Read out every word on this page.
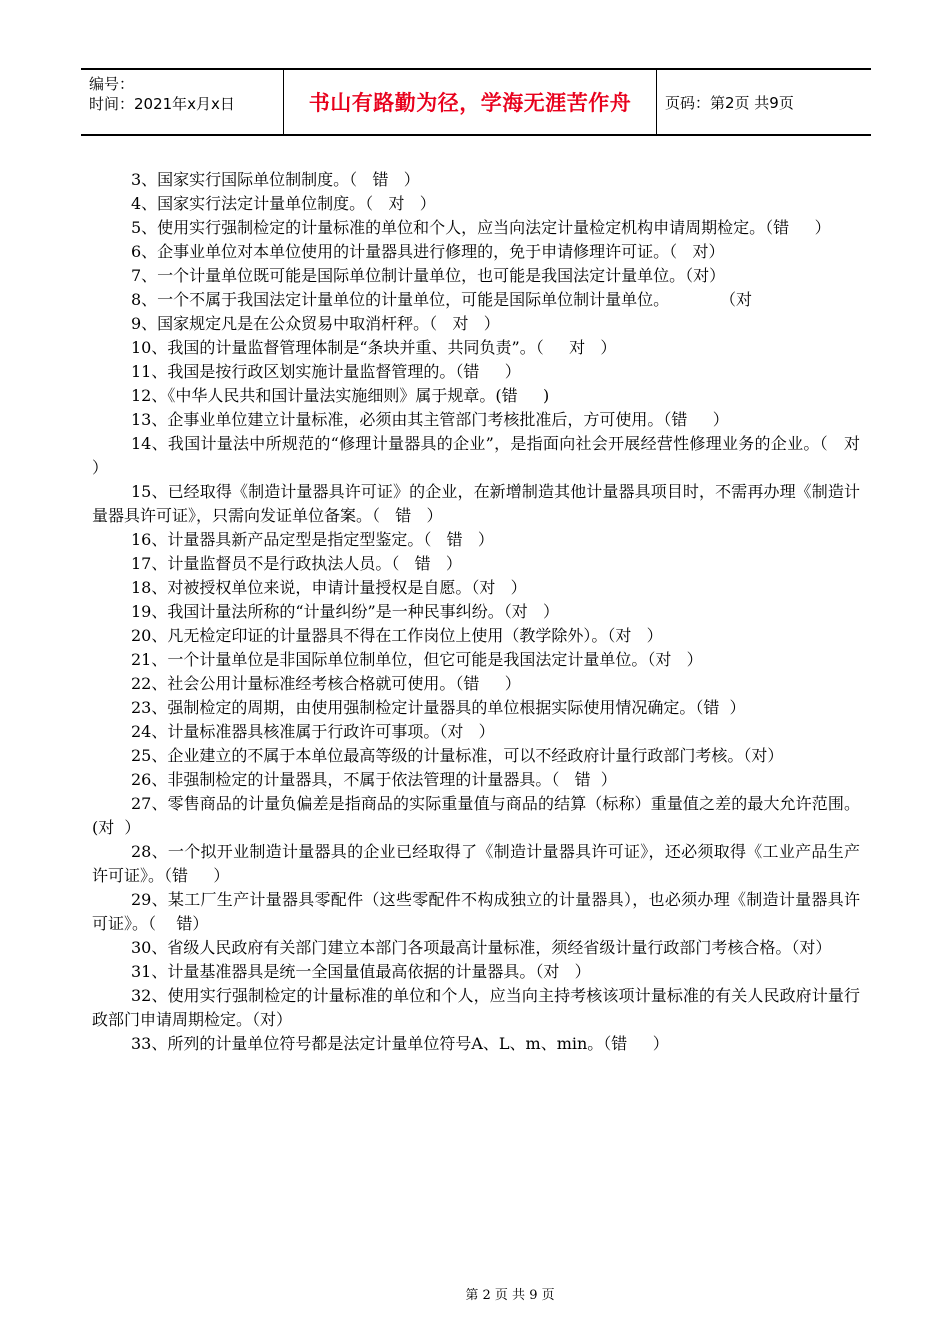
编号：
时间：2021年x月x日	书山有路勤为径，学海无涯苦作舟	页码：第2页 共9页

3、国家实行国际单位制制度。（   错   ）

4、国家实行法定计量单位制度。（   对   ）

5、使用实行强制检定的计量标准的单位和个人，应当向法定计量检定机构申请周期检定。（错     ）

6、企事业单位对本单位使用的计量器具进行修理的，免于申请修理许可证。（   对）

7、一个计量单位既可能是国际单位制计量单位，也可能是我国法定计量单位。（对）

8、一个不属于我国法定计量单位的计量单位，可能是国际单位制计量单位。          （对

9、国家规定凡是在公众贸易中取消杆秤。（   对   ）

10、我国的计量监督管理体制是“条块并重、共同负责”。（     对   ）

11、我国是按行政区划实施计量监督管理的。（错     ）

12、《中华人民共和国计量法实施细则》属于规章。(错     )

13、企事业单位建立计量标准，必须由其主管部门考核批准后，方可使用。（错     ）

14、我国计量法中所规范的“修理计量器具的企业”，是指面向社会开展经营性修理业务的企业。（   对   ）

15、已经取得《制造计量器具许可证》的企业，在新增制造其他计量器具项目时，不需再办理《制造计量器具许可证》，只需向发证单位备案。（   错   ）

16、计量器具新产品定型是指定型鉴定。（   错   ）

17、计量监督员不是行政执法人员。（   错   ）

18、对被授权单位来说，申请计量授权是自愿。（对   ）

19、我国计量法所称的“计量纠纷”是一种民事纠纷。（对   ）

20、凡无检定印证的计量器具不得在工作岗位上使用（教学除外）。（对   ）

21、一个计量单位是非国际单位制单位，但它可能是我国法定计量单位。（对   ）

22、社会公用计量标准经考核合格就可使用。（错     ）

23、强制检定的周期，由使用强制检定计量器具的单位根据实际使用情况确定。（错  ）

24、计量标准器具核准属于行政许可事项。（对   ）

25、企业建立的不属于本单位最高等级的计量标准，可以不经政府计量行政部门考核。（对）

26、非强制检定的计量器具，不属于依法管理的计量器具。（   错  ）

27、零售商品的计量负偏差是指商品的实际重量值与商品的结算（标称）重量值之差的最大允许范围。(对  ）

28、一个拟开业制造计量器具的企业已经取得了《制造计量器具许可证》，还必须取得《工业产品生产许可证》。（错     ）

29、某工厂生产计量器具零配件（这些零配件不构成独立的计量器具），也必须办理《制造计量器具许可证》。（    错）

30、省级人民政府有关部门建立本部门各项最高计量标准，须经省级计量行政部门考核合格。（对）

31、计量基准器具是统一全国量值最高依据的计量器具。（对   ）

32、使用实行强制检定的计量标准的单位和个人，应当向主持考核该项计量标准的有关人民政府计量行政部门申请周期检定。（对）

33、所列的计量单位符号都是法定计量单位符号A、L、m、min。（错     ）

第 2 页 共 9 页
